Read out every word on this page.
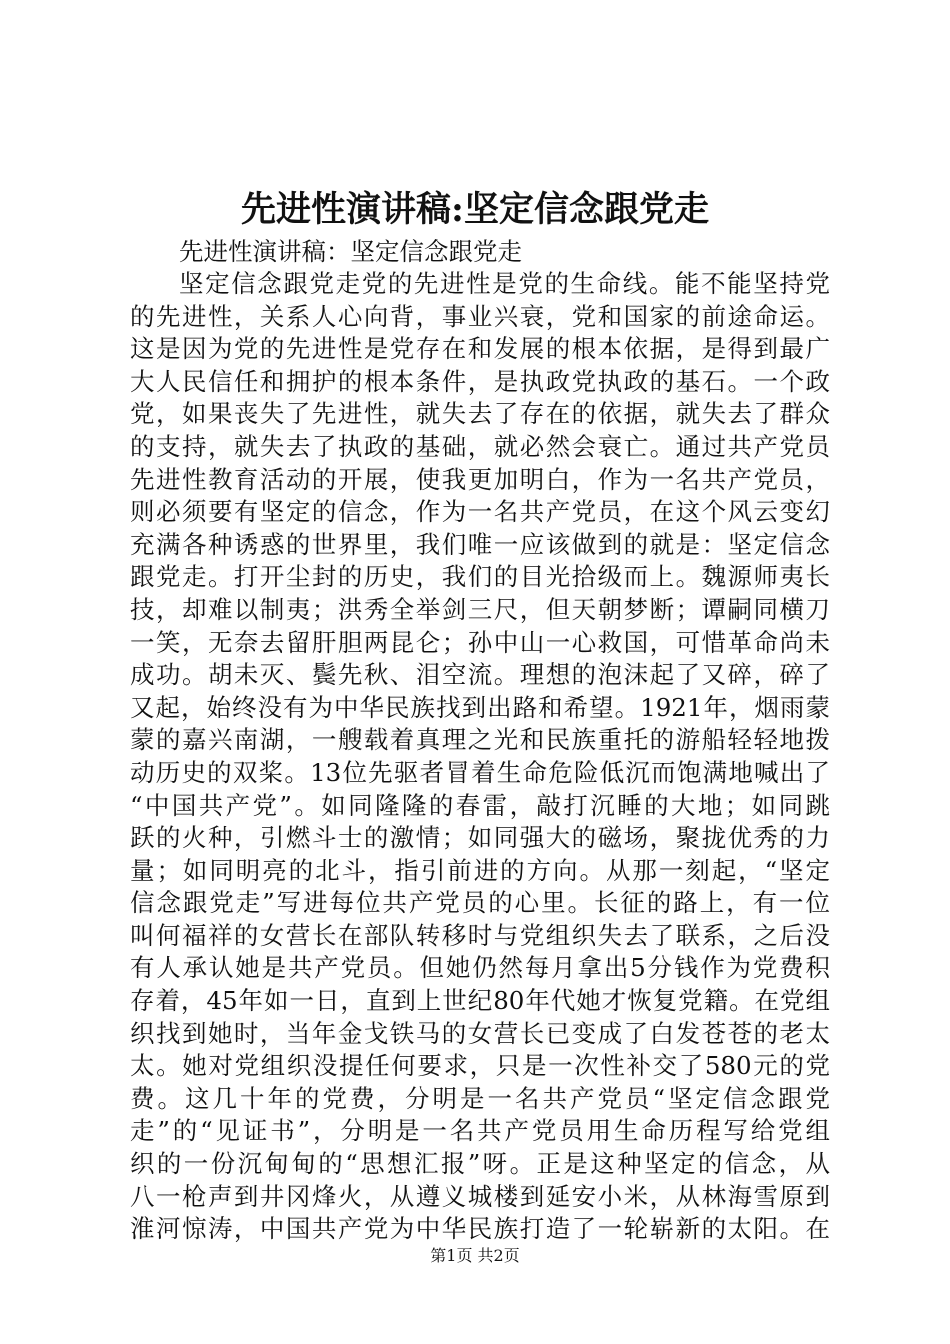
先进性演讲稿:坚定信念跟党走
先进性演讲稿：坚定信念跟党走
坚定信念跟党走党的先进性是党的生命线。能不能坚持党
的先进性，关系人心向背，事业兴衰，党和国家的前途命运。
这是因为党的先进性是党存在和发展的根本依据，是得到最广
大人民信任和拥护的根本条件，是执政党执政的基石。一个政
党，如果丧失了先进性，就失去了存在的依据，就失去了群众
的支持，就失去了执政的基础，就必然会衰亡。通过共产党员
先进性教育活动的开展，使我更加明白，作为一名共产党员，
则必须要有坚定的信念，作为一名共产党员，在这个风云变幻
充满各种诱惑的世界里，我们唯一应该做到的就是：坚定信念
跟党走。打开尘封的历史，我们的目光拾级而上。魏源师夷长
技，却难以制夷；洪秀全举剑三尺，但天朝梦断；谭嗣同横刀
一笑，无奈去留肝胆两昆仑；孙中山一心救国，可惜革命尚未
成功。胡未灭、鬓先秋、泪空流。理想的泡沫起了又碎，碎了
又起，始终没有为中华民族找到出路和希望。1921年，烟雨蒙
蒙的嘉兴南湖，一艘载着真理之光和民族重托的游船轻轻地拨
动历史的双桨。13位先驱者冒着生命危险低沉而饱满地喊出了
“中国共产党”。如同隆隆的春雷，敲打沉睡的大地；如同跳
跃的火种，引燃斗士的激情；如同强大的磁场，聚拢优秀的力
量；如同明亮的北斗，指引前进的方向。从那一刻起，“坚定
信念跟党走”写进每位共产党员的心里。长征的路上，有一位
叫何福祥的女营长在部队转移时与党组织失去了联系，之后没
有人承认她是共产党员。但她仍然每月拿出5分钱作为党费积
存着，45年如一日，直到上世纪80年代她才恢复党籍。在党组
织找到她时，当年金戈铁马的女营长已变成了白发苍苍的老太
太。她对党组织没提任何要求，只是一次性补交了580元的党
费。这几十年的党费，分明是一名共产党员“坚定信念跟党
走”的“见证书”，分明是一名共产党员用生命历程写给党组
织的一份沉甸甸的“思想汇报”呀。正是这种坚定的信念，从
八一枪声到井冈烽火，从遵义城楼到延安小米，从林海雪原到
淮河惊涛，中国共产党为中华民族打造了一轮崭新的太阳。在
第1页 共2页
